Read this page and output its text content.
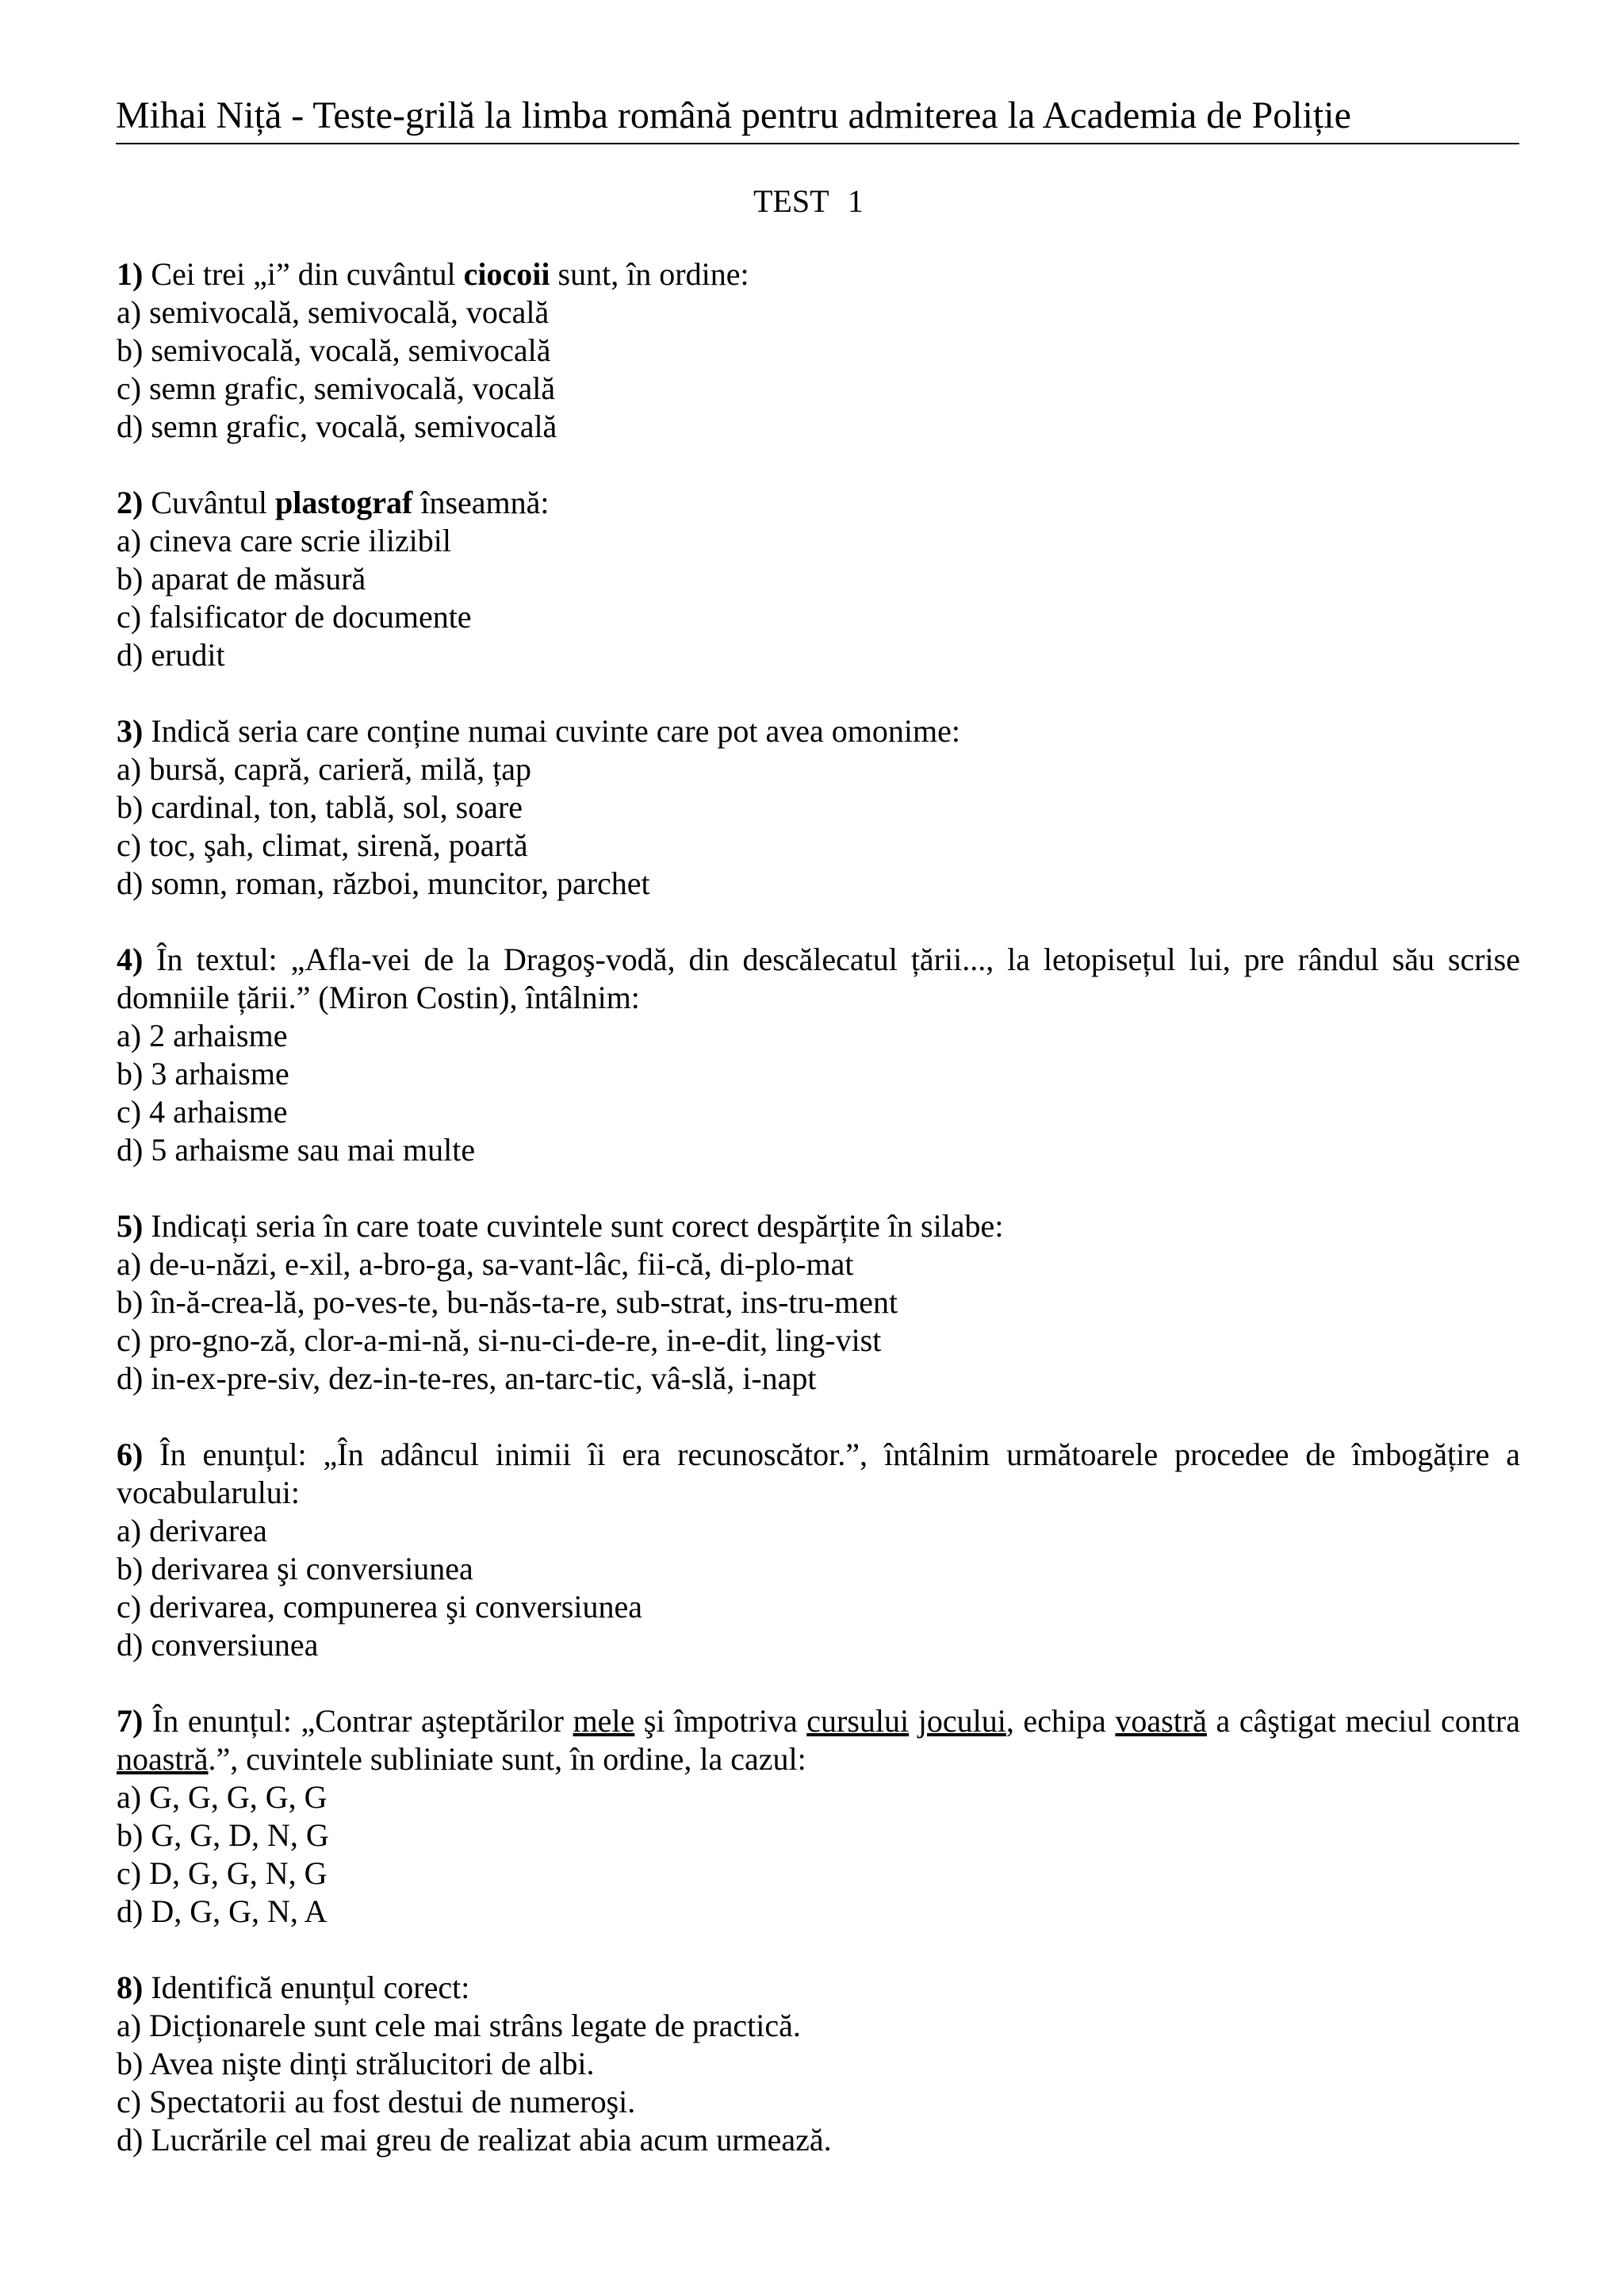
Mihai Niță - Teste-grilă la limba română pentru admiterea la Academia de Poliție
TEST 1
1) Cei trei „i” din cuvântul ciocoii sunt, în ordine:
a) semivocală, semivocală, vocală
b) semivocală, vocală, semivocală
c) semn grafic, semivocală, vocală
d) semn grafic, vocală, semivocală
2) Cuvântul plastograf înseamnă:
a) cineva care scrie ilizibil
b) aparat de măsură
c) falsificator de documente
d) erudit
3) Indică seria care conține numai cuvinte care pot avea omonime:
a) bursă, capră, carieră, milă, țap
b) cardinal, ton, tablă, sol, soare
c) toc, şah, climat, sirenă, poartă
d) somn, roman, război, muncitor, parchet
4) În textul: „Afla-vei de la Dragoş-vodă, din descălecatul țării..., la letopisețul lui, pre rândul său scrise domniile țării.” (Miron Costin), întâlnim:
a) 2 arhaisme
b) 3 arhaisme
c) 4 arhaisme
d) 5 arhaisme sau mai multe
5) Indicați seria în care toate cuvintele sunt corect despărțite în silabe:
a) de-u-năzi, e-xil, a-bro-ga, sa-vant-lâc, fii-că, di-plo-mat
b) în-ă-crea-lă, po-ves-te, bu-năs-ta-re, sub-strat, ins-tru-ment
c) pro-gno-ză, clor-a-mi-nă, si-nu-ci-de-re, in-e-dit, ling-vist
d) in-ex-pre-siv, dez-in-te-res, an-tarc-tic, vâ-slă, i-napt
6) În enunțul: „În adâncul inimii îi era recunoscător.”, întâlnim următoarele procedee de îmbogățire a vocabularului:
a) derivarea
b) derivarea şi conversiunea
c) derivarea, compunerea şi conversiunea
d) conversiunea
7) În enunțul: „Contrar aşteptărilor mele şi împotriva cursului jocului, echipa voastră a câştigat meciul contra noastră.”, cuvintele subliniate sunt, în ordine, la cazul:
a) G, G, G, G, G
b) G, G, D, N, G
c) D, G, G, N, G
d) D, G, G, N, A
8) Identifică enunțul corect:
a) Dicționarele sunt cele mai strâns legate de practică.
b) Avea nişte dinți strălucitori de albi.
c) Spectatorii au fost destui de numeroşi.
d) Lucrările cel mai greu de realizat abia acum urmează.
